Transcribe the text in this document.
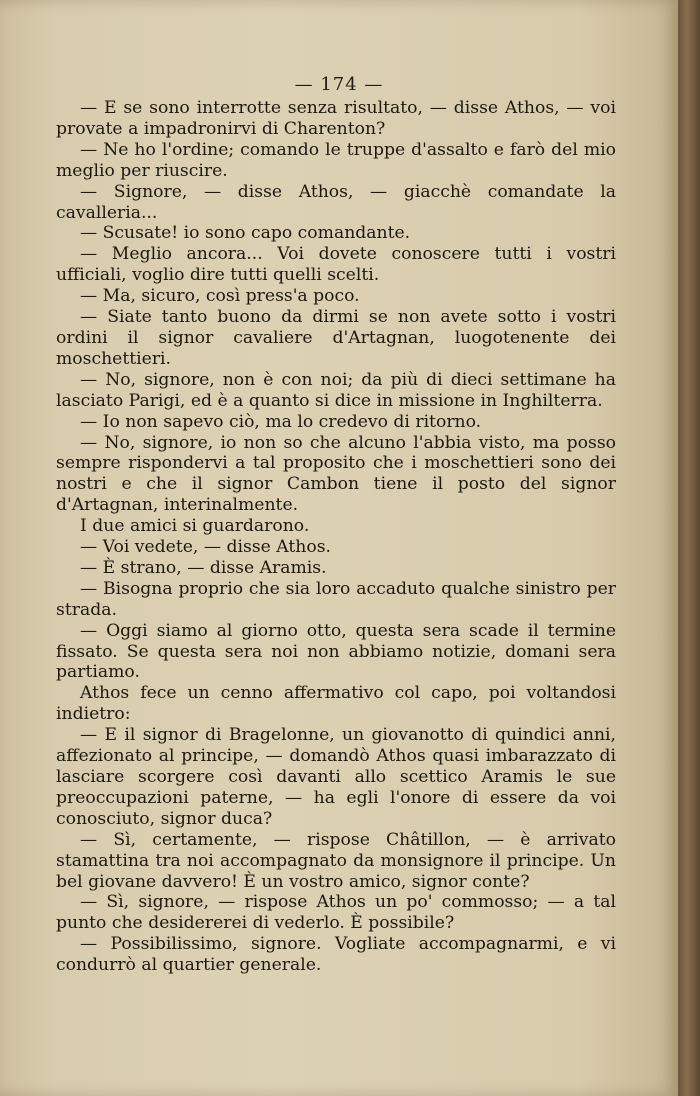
— 174 —

— E se sono interrotte senza risultato, — disse Athos, — voi provate a impadronirvi di Charenton?

— Ne ho l'ordine; comando le truppe d'assalto e farò del mio meglio per riuscire.

— Signore, — disse Athos, — giacchè comandate la cavalleria...

— Scusate! io sono capo comandante.

— Meglio ancora... Voi dovete conoscere tutti i vostri ufficiali, voglio dire tutti quelli scelti.

— Ma, sicuro, così press'a poco.

— Siate tanto buono da dirmi se non avete sotto i vostri ordini il signor cavaliere d'Artagnan, luogotenente dei moschettieri.

— No, signore, non è con noi; da più di dieci settimane ha lasciato Parigi, ed è a quanto si dice in missione in Inghilterra.

— Io non sapevo ciò, ma lo credevo di ritorno.

— No, signore, io non so che alcuno l'abbia visto, ma posso sempre rispondervi a tal proposito che i moschettieri sono dei nostri e che il signor Cambon tiene il posto del signor d'Artagnan, interinalmente.

I due amici si guardarono.

— Voi vedete, — disse Athos.

— È strano, — disse Aramis.

— Bisogna proprio che sia loro accaduto qualche sinistro per strada.

— Oggi siamo al giorno otto, questa sera scade il termine fissato. Se questa sera noi non abbiamo notizie, domani sera partiamo.

Athos fece un cenno affermativo col capo, poi voltandosi indietro:

— E il signor di Bragelonne, un giovanotto di quindici anni, affezionato al principe, — domandò Athos quasi imbarazzato di lasciare scorgere così davanti allo scettico Aramis le sue preoccupazioni paterne, — ha egli l'onore di essere da voi conosciuto, signor duca?

— Sì, certamente, — rispose Châtillon, — è arrivato stamattina tra noi accompagnato da monsignore il principe. Un bel giovane davvero! È un vostro amico, signor conte?

— Sì, signore, — rispose Athos un po' commosso; — a tal punto che desidererei di vederlo. È possibile?

— Possibilissimo, signore. Vogliate accompagnarmi, e vi condurrò al quartier generale.
